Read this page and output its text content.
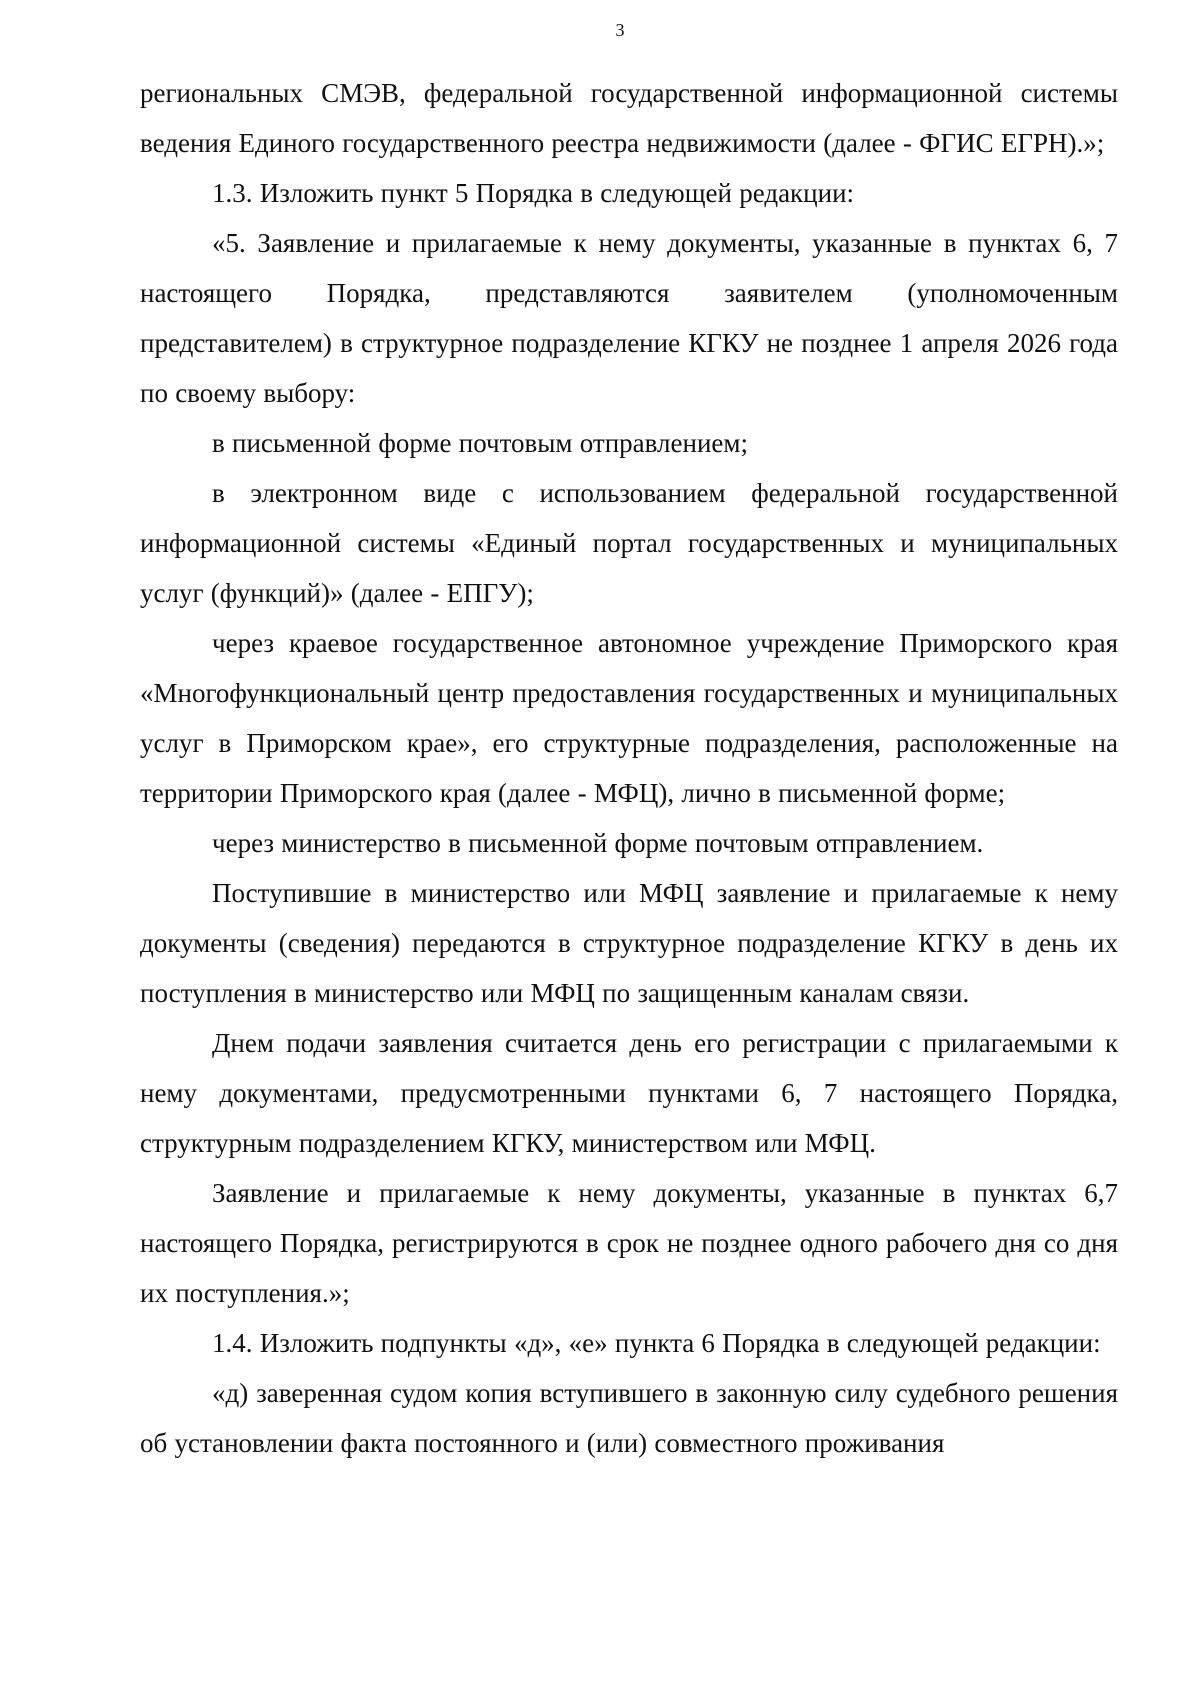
3

региональных СМЭВ, федеральной государственной информационной системы ведения Единого государственного реестра недвижимости (далее - ФГИС ЕГРН).»;

1.3. Изложить пункт 5 Порядка в следующей редакции:

«5. Заявление и прилагаемые к нему документы, указанные в пунктах 6, 7 настоящего Порядка, представляются заявителем (уполномоченным представителем) в структурное подразделение КГКУ не позднее 1 апреля 2026 года по своему выбору:

в письменной форме почтовым отправлением;

в электронном виде с использованием федеральной государственной информационной системы «Единый портал государственных и муниципальных услуг (функций)» (далее - ЕПГУ);

через краевое государственное автономное учреждение Приморского края «Многофункциональный центр предоставления государственных и муниципальных услуг в Приморском крае», его структурные подразделения, расположенные на территории Приморского края (далее - МФЦ), лично в письменной форме;

через министерство в письменной форме почтовым отправлением.

Поступившие в министерство или МФЦ заявление и прилагаемые к нему документы (сведения) передаются в структурное подразделение КГКУ в день их поступления в министерство или МФЦ по защищенным каналам связи.

Днем подачи заявления считается день его регистрации с прилагаемыми к нему документами, предусмотренными пунктами 6, 7 настоящего Порядка, структурным подразделением КГКУ, министерством или МФЦ.

Заявление и прилагаемые к нему документы, указанные в пунктах 6,7 настоящего Порядка, регистрируются в срок не позднее одного рабочего дня со дня их поступления.»;

1.4. Изложить подпункты «д», «е» пункта 6 Порядка в следующей редакции:

«д) заверенная судом копия вступившего в законную силу судебного решения об установлении факта постоянного и (или) совместного проживания
